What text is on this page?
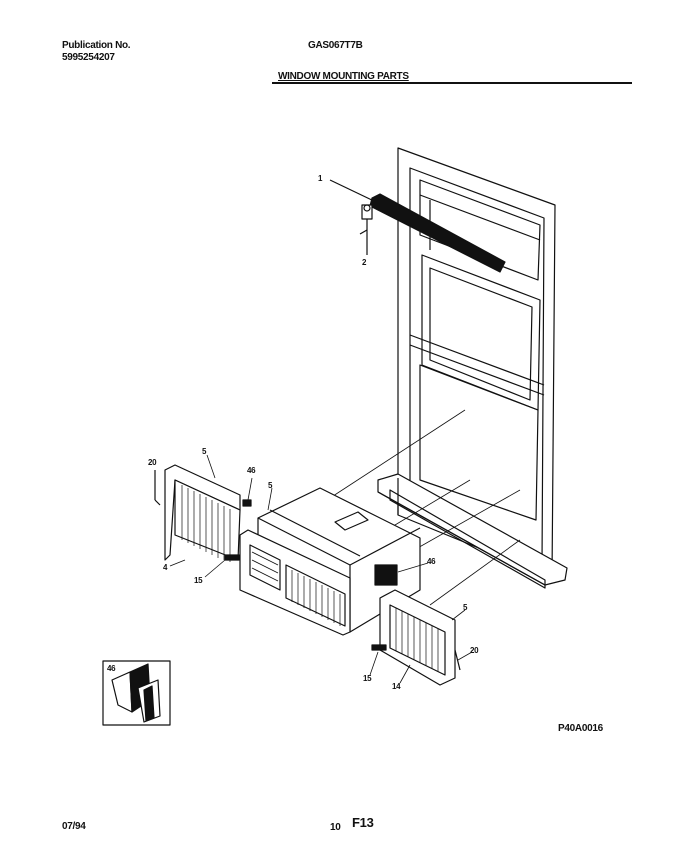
Publication No.
5995254207
GAS067T7B
WINDOW MOUNTING PARTS
1
2
5
20
46
5
4
15
46
5
20
15
14
46
P40A0016
07/94	10 F13
